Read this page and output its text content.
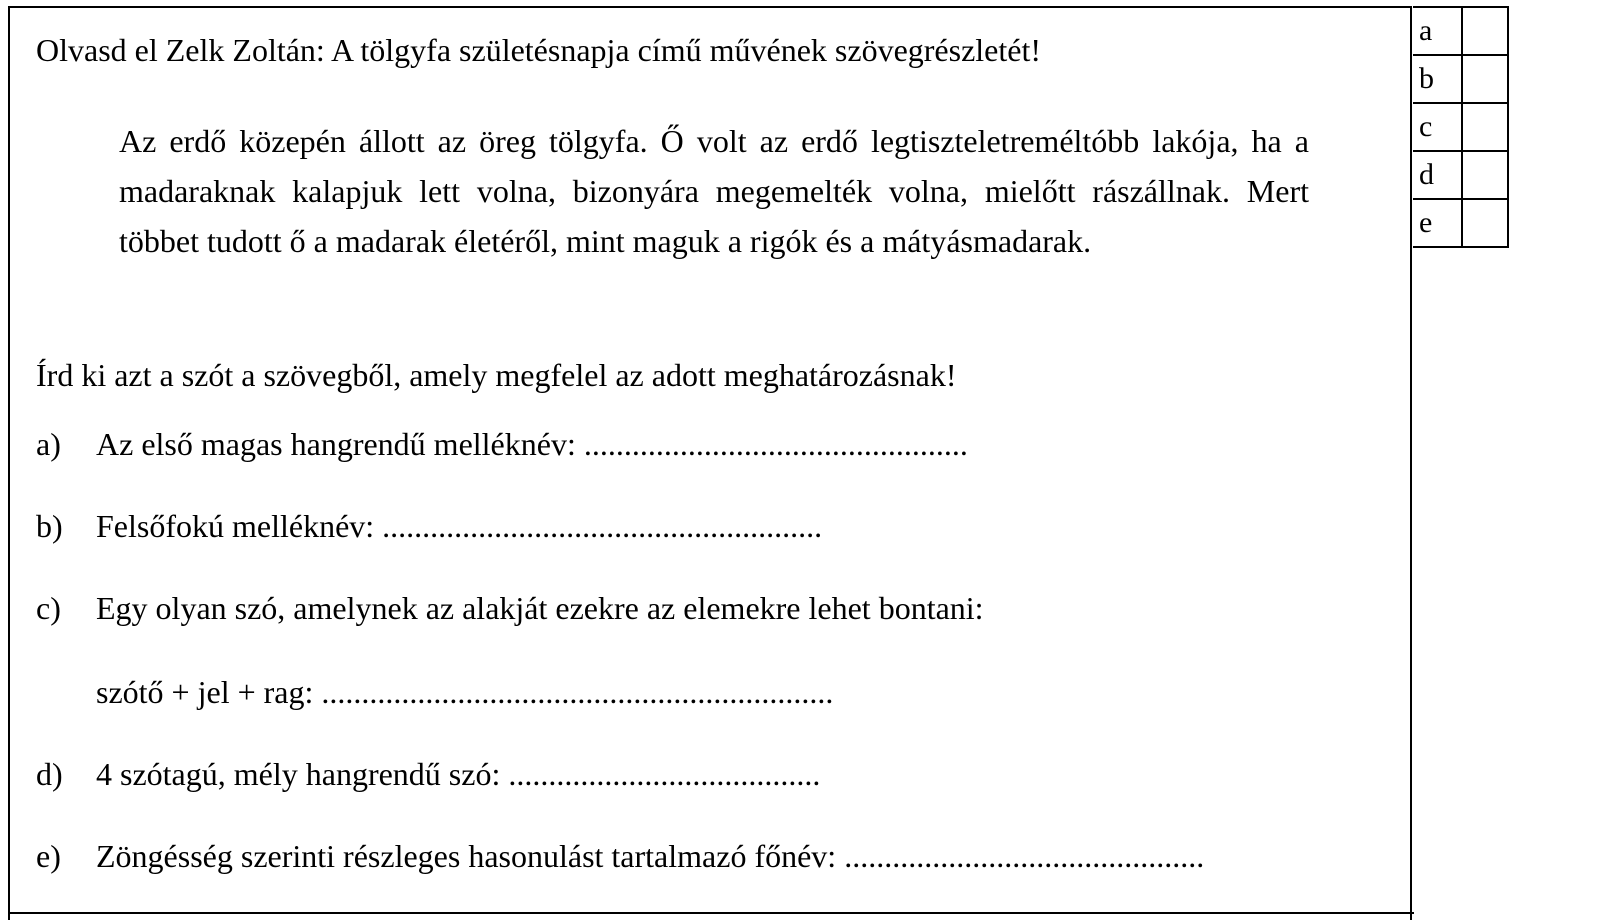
Olvasd el Zelk Zoltán: A tölgyfa születésnapja című művének szövegrészletét!
Az erdő közepén állott az öreg tölgyfa. Ő volt az erdő legtiszteletreméltóbb lakója, ha a madaraknak kalapjuk lett volna, bizonyára megemelték volna, mielőtt rászállnak. Mert többet tudott ő a madarak életéről, mint maguk a rigók és a mátyásmadarak.
Írd ki azt a szót a szövegből, amely megfelel az adott meghatározásnak!
a) Az első magas hangrendű melléknév: ................................................
b) Felsőfokú melléknév: .......................................................
c) Egy olyan szó, amelynek az alakját ezekre az elemekre lehet bontani:
szótő + jel + rag: ................................................................
d) 4 szótagú, mély hangrendű szó: .......................................
e) Zöngésség szerinti részleges hasonulást tartalmazó főnév: .............................................
a	
b	
c	
d	
e	
